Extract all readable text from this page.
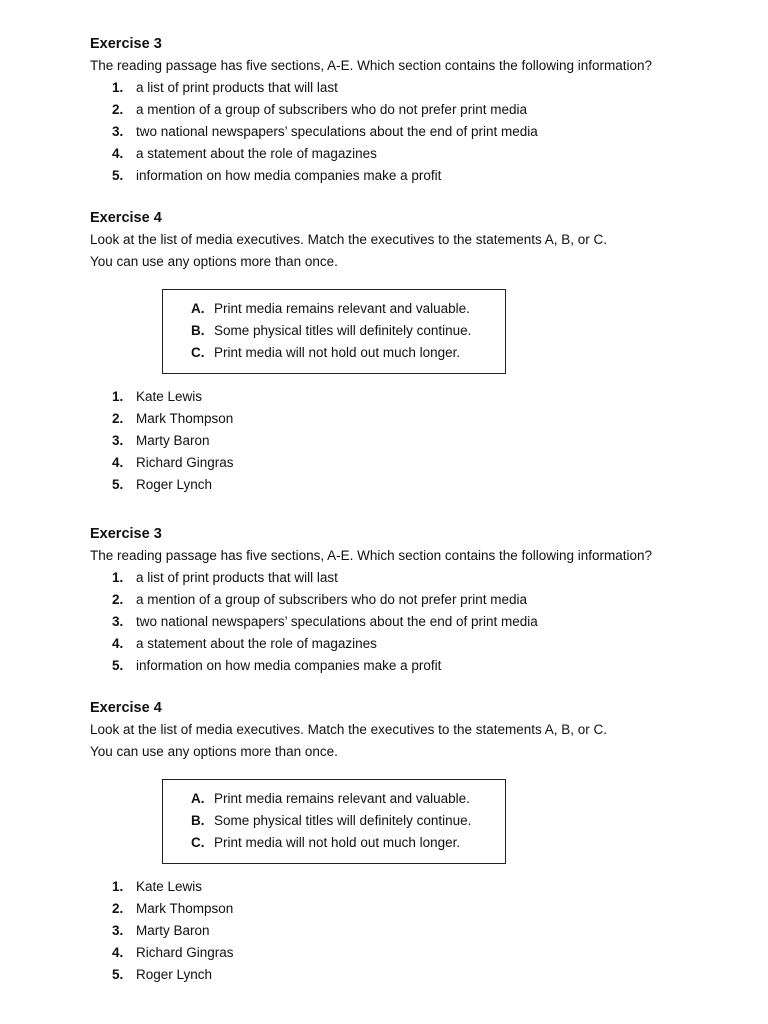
Exercise 3
The reading passage has five sections, A-E. Which section contains the following information?
1. a list of print products that will last
2. a mention of a group of subscribers who do not prefer print media
3. two national newspapers’ speculations about the end of print media
4. a statement about the role of magazines
5. information on how media companies make a profit
Exercise 4
Look at the list of media executives. Match the executives to the statements A, B, or C.
You can use any options more than once.
A. Print media remains relevant and valuable.
B. Some physical titles will definitely continue.
C. Print media will not hold out much longer.
1. Kate Lewis
2. Mark Thompson
3. Marty Baron
4. Richard Gingras
5. Roger Lynch
Exercise 3
The reading passage has five sections, A-E. Which section contains the following information?
1. a list of print products that will last
2. a mention of a group of subscribers who do not prefer print media
3. two national newspapers’ speculations about the end of print media
4. a statement about the role of magazines
5. information on how media companies make a profit
Exercise 4
Look at the list of media executives. Match the executives to the statements A, B, or C.
You can use any options more than once.
A. Print media remains relevant and valuable.
B. Some physical titles will definitely continue.
C. Print media will not hold out much longer.
1. Kate Lewis
2. Mark Thompson
3. Marty Baron
4. Richard Gingras
5. Roger Lynch
